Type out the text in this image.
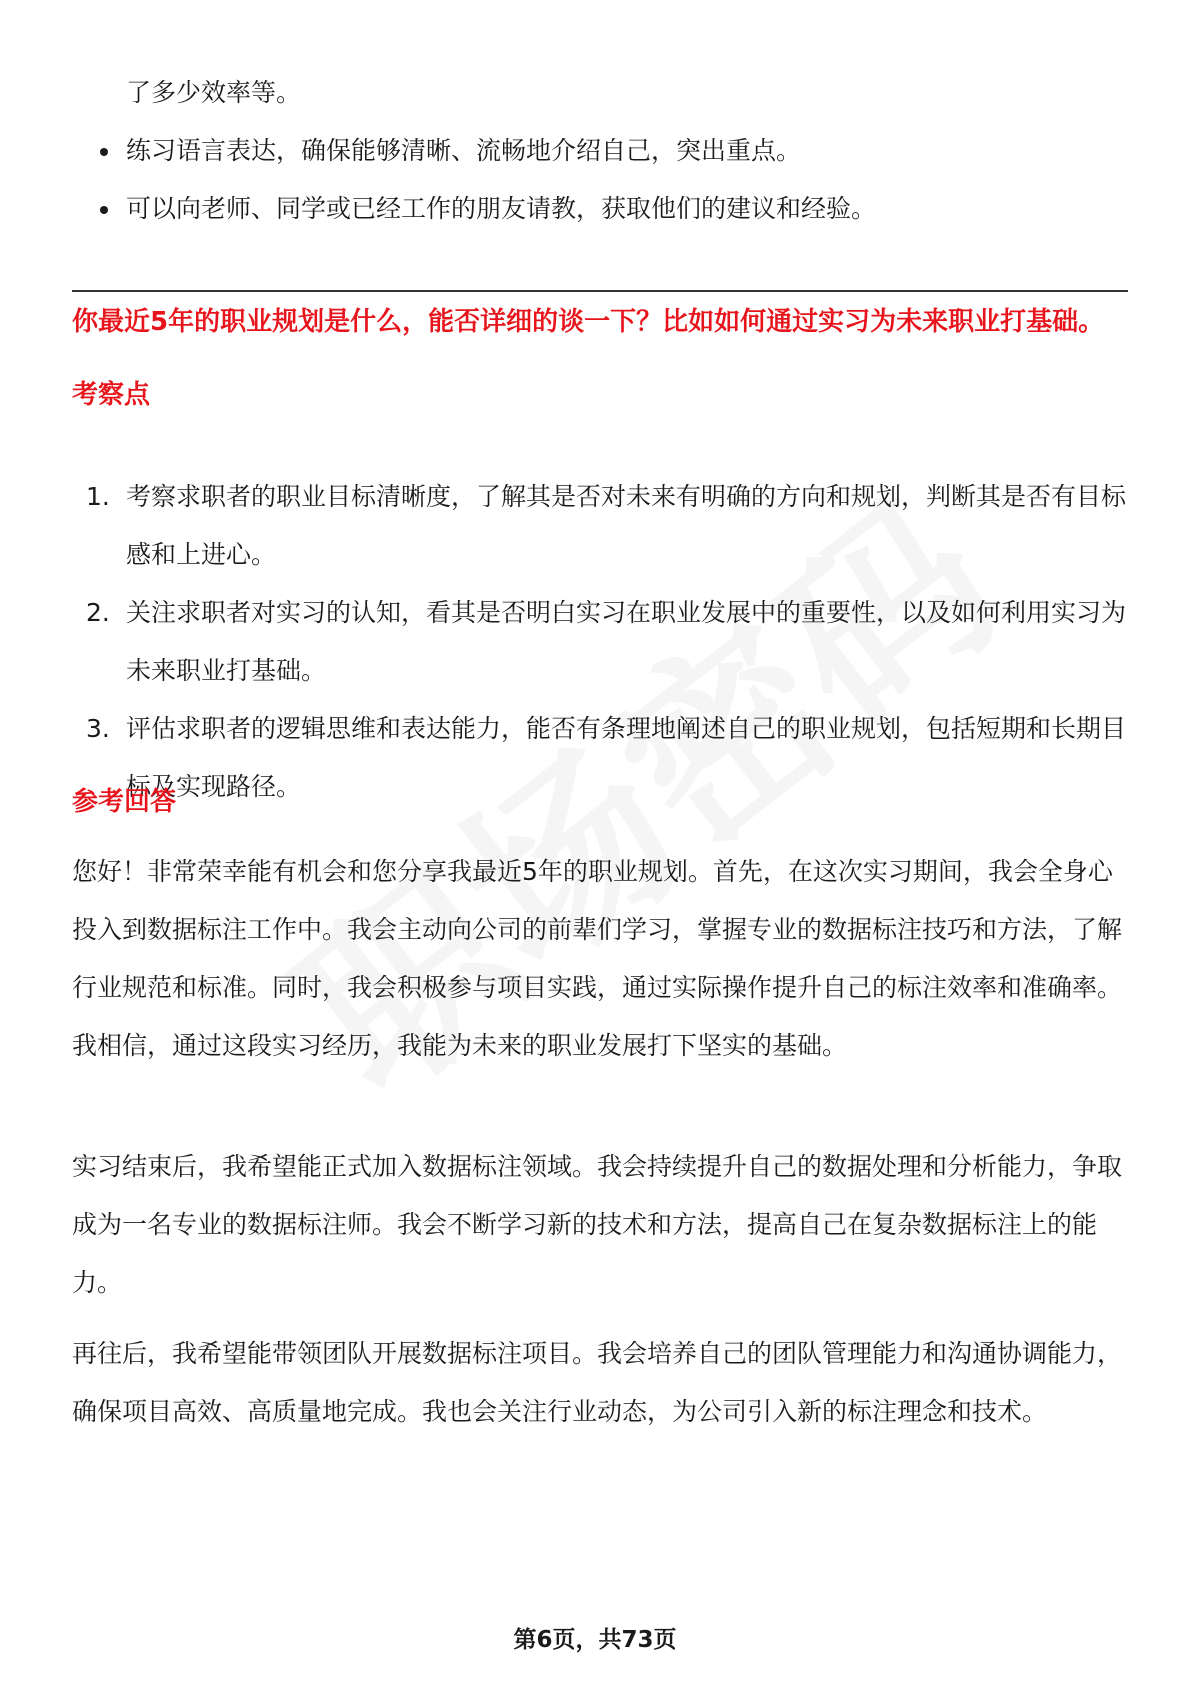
了多少效率等。
练习语言表达，确保能够清晰、流畅地介绍自己，突出重点。
可以向老师、同学或已经工作的朋友请教，获取他们的建议和经验。
你最近5年的职业规划是什么，能否详细的谈一下？比如如何通过实习为未来职业打基础。
考察点
1. 考察求职者的职业目标清晰度，了解其是否对未来有明确的方向和规划，判断其是否有目标感和上进心。
2. 关注求职者对实习的认知，看其是否明白实习在职业发展中的重要性，以及如何利用实习为未来职业打基础。
3. 评估求职者的逻辑思维和表达能力，能否有条理地阐述自己的职业规划，包括短期和长期目标及实现路径。
参考回答
您好！非常荣幸能有机会和您分享我最近5年的职业规划。首先，在这次实习期间，我会全身心投入到数据标注工作中。我会主动向公司的前辈们学习，掌握专业的数据标注技巧和方法，了解行业规范和标准。同时，我会积极参与项目实践，通过实际操作提升自己的标注效率和准确率。我相信，通过这段实习经历，我能为未来的职业发展打下坚实的基础。
实习结束后，我希望能正式加入数据标注领域。我会持续提升自己的数据处理和分析能力，争取成为一名专业的数据标注师。我会不断学习新的技术和方法，提高自己在复杂数据标注上的能力。
再往后，我希望能带领团队开展数据标注项目。我会培养自己的团队管理能力和沟通协调能力，确保项目高效、高质量地完成。我也会关注行业动态，为公司引入新的标注理念和技术。
第6页，共73页
